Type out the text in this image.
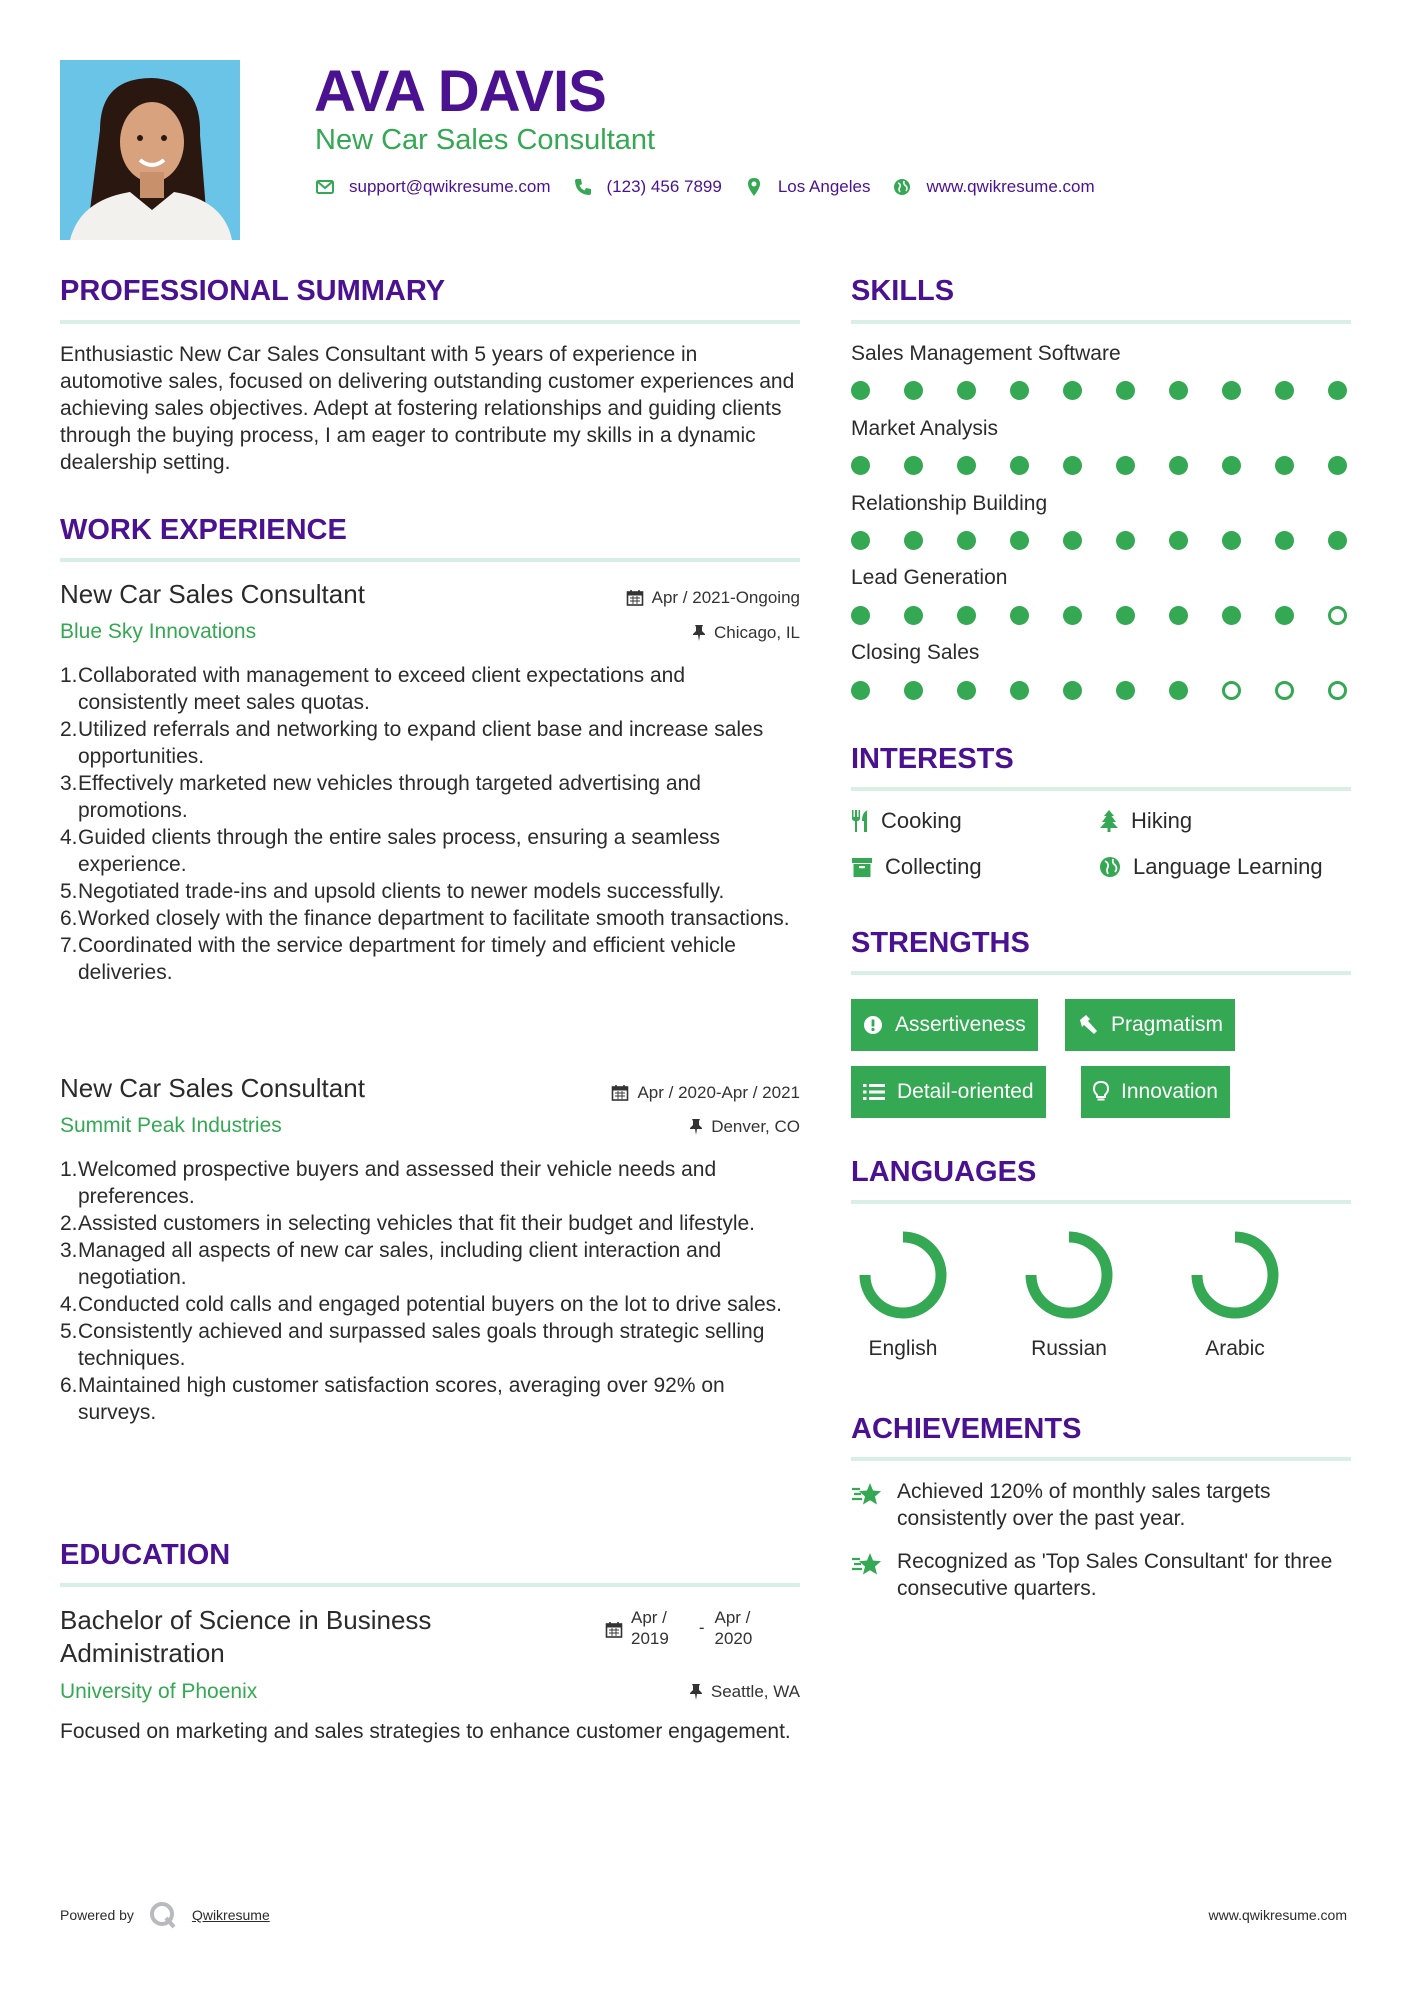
AVA DAVIS
New Car Sales Consultant
support@qwikresume.com	(123) 456 7899	Los Angeles	www.qwikresume.com
PROFESSIONAL SUMMARY
Enthusiastic New Car Sales Consultant with 5 years of experience in automotive sales, focused on delivering outstanding customer experiences and achieving sales objectives. Adept at fostering relationships and guiding clients through the buying process, I am eager to contribute my skills in a dynamic dealership setting.
WORK EXPERIENCE
New Car Sales Consultant
Blue Sky Innovations
Apr / 2021-Ongoing
Chicago, IL
1. Collaborated with management to exceed client expectations and consistently meet sales quotas.
2. Utilized referrals and networking to expand client base and increase sales opportunities.
3. Effectively marketed new vehicles through targeted advertising and promotions.
4. Guided clients through the entire sales process, ensuring a seamless experience.
5. Negotiated trade-ins and upsold clients to newer models successfully.
6. Worked closely with the finance department to facilitate smooth transactions.
7. Coordinated with the service department for timely and efficient vehicle deliveries.
New Car Sales Consultant
Summit Peak Industries
Apr / 2020-Apr / 2021
Denver, CO
1. Welcomed prospective buyers and assessed their vehicle needs and preferences.
2. Assisted customers in selecting vehicles that fit their budget and lifestyle.
3. Managed all aspects of new car sales, including client interaction and negotiation.
4. Conducted cold calls and engaged potential buyers on the lot to drive sales.
5. Consistently achieved and surpassed sales goals through strategic selling techniques.
6. Maintained high customer satisfaction scores, averaging over 92% on surveys.
EDUCATION
Bachelor of Science in Business Administration
University of Phoenix
Apr /
2019
-
Apr /
2020
Seattle, WA
Focused on marketing and sales strategies to enhance customer engagement.
SKILLS
Sales Management Software
Market Analysis
Relationship Building
Lead Generation
Closing Sales
INTERESTS
Cooking	Hiking
Collecting	Language Learning
STRENGTHS
Assertiveness	Pragmatism
Detail-oriented	Innovation
LANGUAGES
English	Russian	Arabic
ACHIEVEMENTS
Achieved 120% of monthly sales targets consistently over the past year.
Recognized as 'Top Sales Consultant' for three consecutive quarters.
Powered by	Qwikresume	www.qwikresume.com
